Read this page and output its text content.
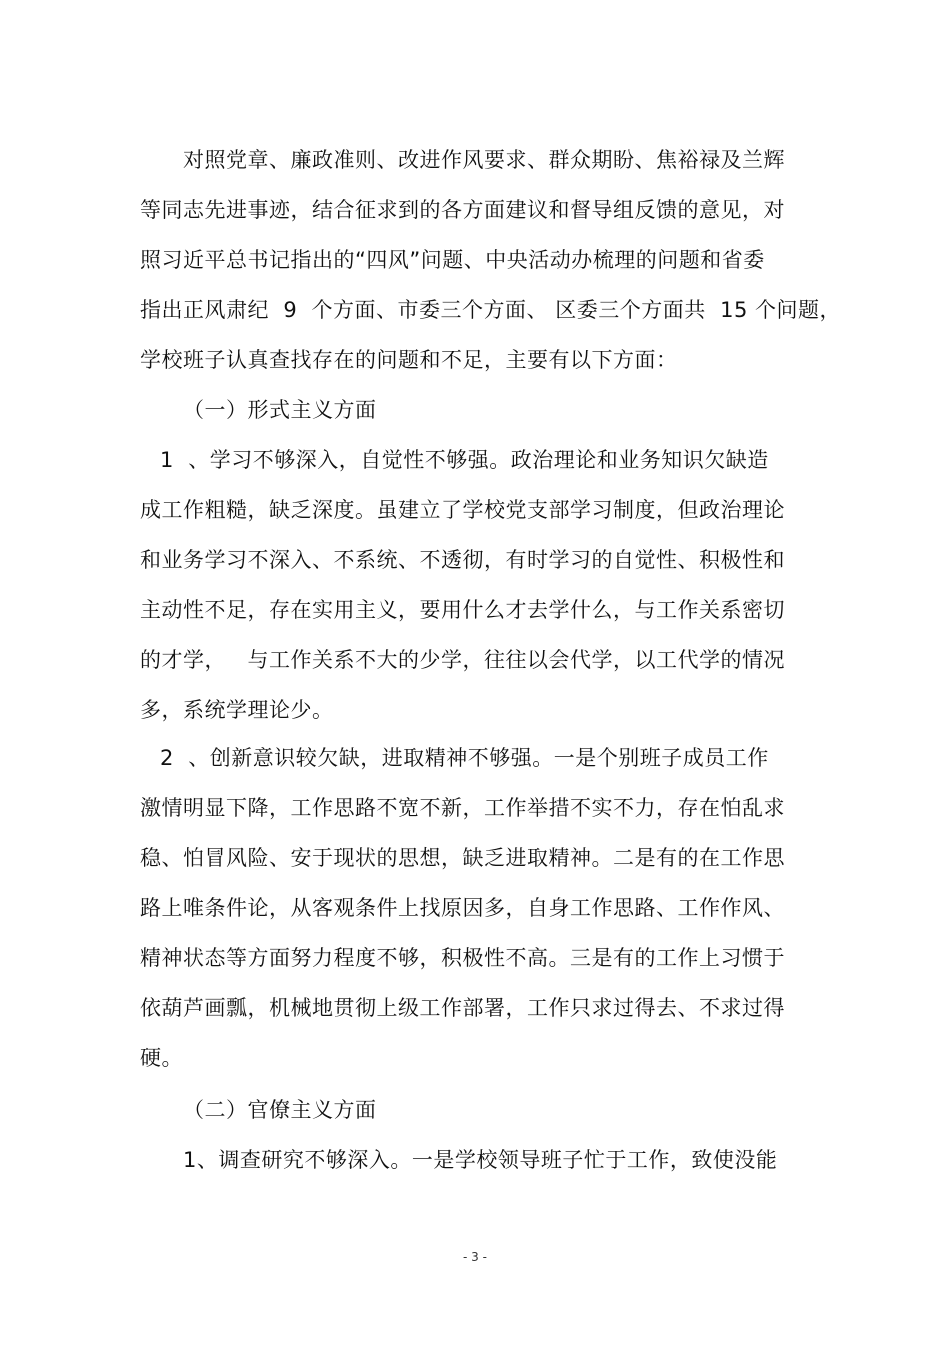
对照党章、廉政准则、改进作风要求、群众期盼、焦裕禄及兰辉
等同志先进事迹，结合征求到的各方面建议和督导组反馈的意见，对
照习近平总书记指出的“四风”问题、中央活动办梳理的问题和省委
指出正风肃纪  9  个方面、市委三个方面、 区委三个方面共  15 个问题，
学校班子认真查找存在的问题和不足，主要有以下方面：
（一）形式主义方面
1  、学习不够深入，自觉性不够强。政治理论和业务知识欠缺造
成工作粗糙，缺乏深度。虽建立了学校党支部学习制度，但政治理论
和业务学习不深入、不系统、不透彻，有时学习的自觉性、积极性和
主动性不足，存在实用主义，要用什么才去学什么，与工作关系密切
的才学，   与工作关系不大的少学，往往以会代学，以工代学的情况
多，系统学理论少。
2  、创新意识较欠缺，进取精神不够强。一是个别班子成员工作
激情明显下降，工作思路不宽不新，工作举措不实不力，存在怕乱求
稳、怕冒风险、安于现状的思想，缺乏进取精神。二是有的在工作思
路上唯条件论，从客观条件上找原因多，自身工作思路、工作作风、
精神状态等方面努力程度不够，积极性不高。三是有的工作上习惯于
依葫芦画瓢，机械地贯彻上级工作部署，工作只求过得去、不求过得
硬。
（二）官僚主义方面
1、调查研究不够深入。一是学校领导班子忙于工作，致使没能
- 3 -
